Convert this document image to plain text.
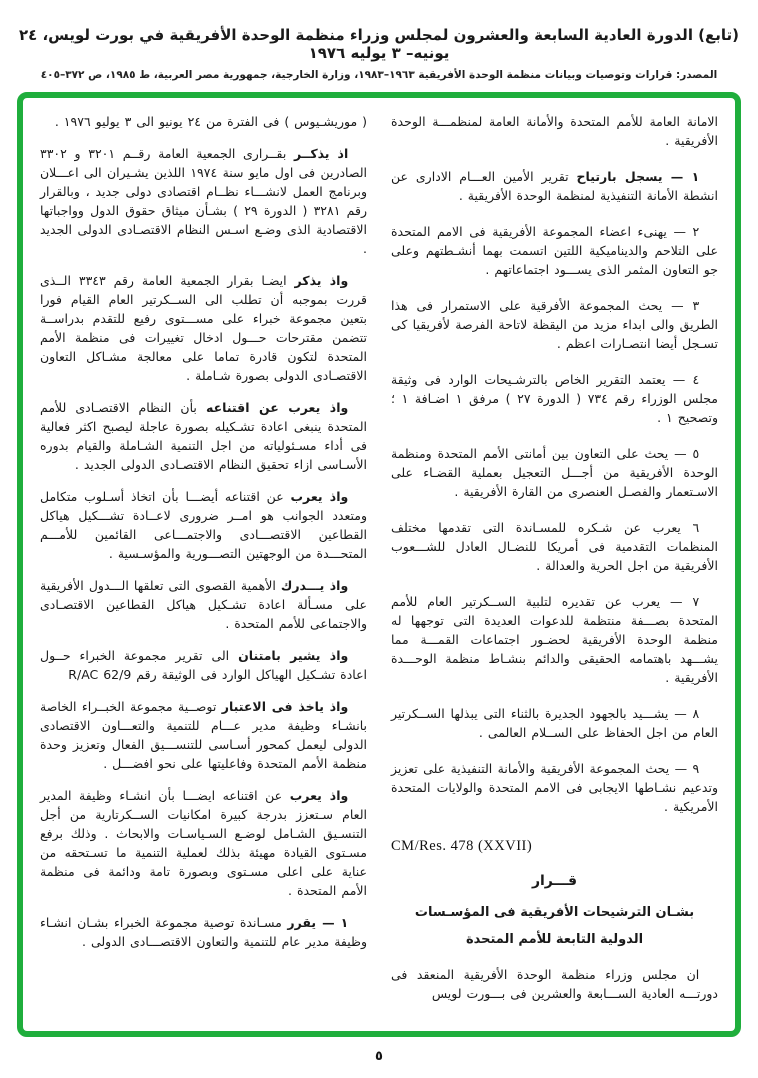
(تابع) الدورة العادية السابعة والعشرون لمجلس وزراء منظمة الوحدة الأفريقية في بورت لويس، ٢٤ يونيه– ٣ يوليه ١٩٧٦
المصدر: قرارات وتوصيات وبيانات منظمة الوحدة الأفريقية ١٩٦٣–١٩٨٣، وزارة الخارجية، جمهورية مصر العربية، ط ١٩٨٥، ص ٣٧٢–٤٠٥

الامانة العامة للأمم المتحدة والأمانة العامة لمنظمـــة الوحدة الأفريقية .

١ — يسجل بارتياح تقرير الأمين العـــام الادارى عن انشطة الأمانة التنفيذية لمنظمة الوحدة الأفريقية .

٢ — يهنىء اعضاء المجموعة الأفريقية فى الامم المتحدة على التلاحم والديناميكية اللتين اتسمت بهما أنشـطتهم وعلى جو التعاون المثمر الذى يســـود اجتماعاتهم .

٣ — يحث المجموعة الأفرقية على الاستمرار فى هذا الطريق والى ابداء مزيد من اليقظة لاتاحة الفرصة لأفريقيا كى تسـجل أيضا انتصـارات اعظم .

٤ — يعتمد التقرير الخاص بالترشـيحات الوارد فى وثيقة مجلس الوزراء رقم ٧٣٤ ( الدورة ٢٧ ) مرفق ١ اضـافة ١ ؛ وتصحيح ١ .

٥ — يحث على التعاون بين أمانتى الأمم المتحدة ومنظمة الوحدة الأفريقية من أجـــل التعجيل بعملية القضـاء على الاسـتعمار والفصـل العنصرى من القارة الأفريقية .

٦ يعرب عن شـكره للمسـاندة التى تقدمها مختلف المنظمات التقدمية فى أمريكا للنضـال العادل للشـــعوب الأفريقية من اجل الحرية والعدالة .

٧ — يعرب عن تقديره لتلبية الســكرتير العام للأمم المتحدة بصـــفة منتظمة للدعوات العديدة التى توجهها له منظمة الوحدة الأفريقية لحضـور اجتماعات القمـــة مما يشـــهد باهتمامه الحقيقى والدائم بنشـاط منظمة الوحـــدة الأفريقية .

٨ — يشـــيد بالجهود الجديرة بالثناء التى يبذلها الســكرتير العام من اجل الحفاظ على الســلام العالمى .

٩ — يحث المجموعة الأفريقية والأمانة التنفيذية على تعزيز وتدعيم نشـاطها الايجابى فى الامم المتحدة والولايات المتحدة الأمريكية .

CM/Res. 478 (XXVII)
قـــرار
بشـان الترشيحات الأفريقية فى المؤسـسات
الدولية التابعة للأمم المتحدة

ان مجلس وزراء منظمة الوحدة الأفريقية المنعقد فى دورتـــه العادية الســـابعة والعشرين فى بـــورت لويس

( موريشـيوس ) فى الفترة من ٢٤ يونيو الى ٣ يوليو ١٩٧٦ .

اذ يذكــر بقــرارى الجمعية العامة رقــم ٣٢٠١ و ٣٣٠٢ الصادرين فى اول مايو سنة ١٩٧٤ اللذين يشـيران الى اعـــلان وبرنامج العمل لانشـــاء نظــام اقتصادى دولى جديد ، وبالقرار رقم ٣٢٨١ ( الدورة ٢٩ ) بشـأن ميثاق حقوق الدول وواجباتها الاقتصادية الذى وضـع اسـس النظام الاقتصـادى الدولى الجديد .

واذ يذكر ايضـا بقرار الجمعية العامة رقم ٣٣٤٣ الــذى قررت بموجبه أن تطلب الى الســكرتير العام القيام فورا بتعين مجموعة خبراء على مســـتوى رفيع للتقدم بدراســة تتضمن مقترحات حـــول ادخال تغييرات فى منظمة الأمم المتحدة لتكون قادرة تماما على معالجة مشـاكل التعاون الاقتصـادى الدولى بصورة شـاملة .

واذ يعرب عن اقتناعه بأن النظام الاقتصـادى للأمم المتحدة ينبغى اعادة تشـكيله بصورة عاجلة ليصبح اكثر فعالية فى أداء مسـئولياته من اجل التنمية الشـاملة والقيام بدوره الأسـاسى ازاء تحقيق النظام الاقتصـادى الدولى الجديد .

واذ يعرب عن اقتناعه أيضـــا بأن اتخاذ أسـلوب متكامل ومتعدد الجوانب هو امــر ضرورى لاعــادة تشـــكيل هياكل القطاعين الاقتصـــادى والاجتمـــاعى القائمين للأمـــم المتحـــدة من الوجهتين التصـــورية والمؤسـسية .

واذ يـــدرك الأهمية القصوى التى تعلقها الـــدول الأفريقية على مسـألة اعادة تشـكيل هياكل القطاعين الاقتصـادى والاجتماعى للأمم المتحدة .

واذ يشير بامتنان الى تقرير مجموعة الخبراء حــول اعادة تشـكيل الهياكل الوارد فى الوثيقة رقم R/AC 62/9

واذ ياخذ فى الاعتبار توصــية مجموعة الخبــراء الخاصة بانشـاء وظيفة مدير عـــام للتنمية والتعـــاون الاقتصادى الدولى ليعمل كمحور أسـاسى للتنســـيق الفعال وتعزيز وحدة منظمة الأمم المتحدة وفاعليتها على نحو افضـــل .

واذ يعرب عن اقتناعه ايضـــا بأن انشـاء وظيفة المدير العام سـتعزز بدرجة كبيرة امكانيات الســكرتارية من أجل التنسـيق الشـامل لوضـع السـياسـات والابحاث . وذلك برفع مسـتوى القيادة مهيئة بذلك لعملية التنمية ما تسـتحقه من عناية على اعلى مسـتوى وبصورة تامة ودائمة فى منظمة الأمم المتحدة .

١ — يقرر مسـاندة توصية مجموعة الخبراء بشـان انشـاء وظيفة مدير عام للتنمية والتعاون الاقتصـــادى الدولى .

٥
